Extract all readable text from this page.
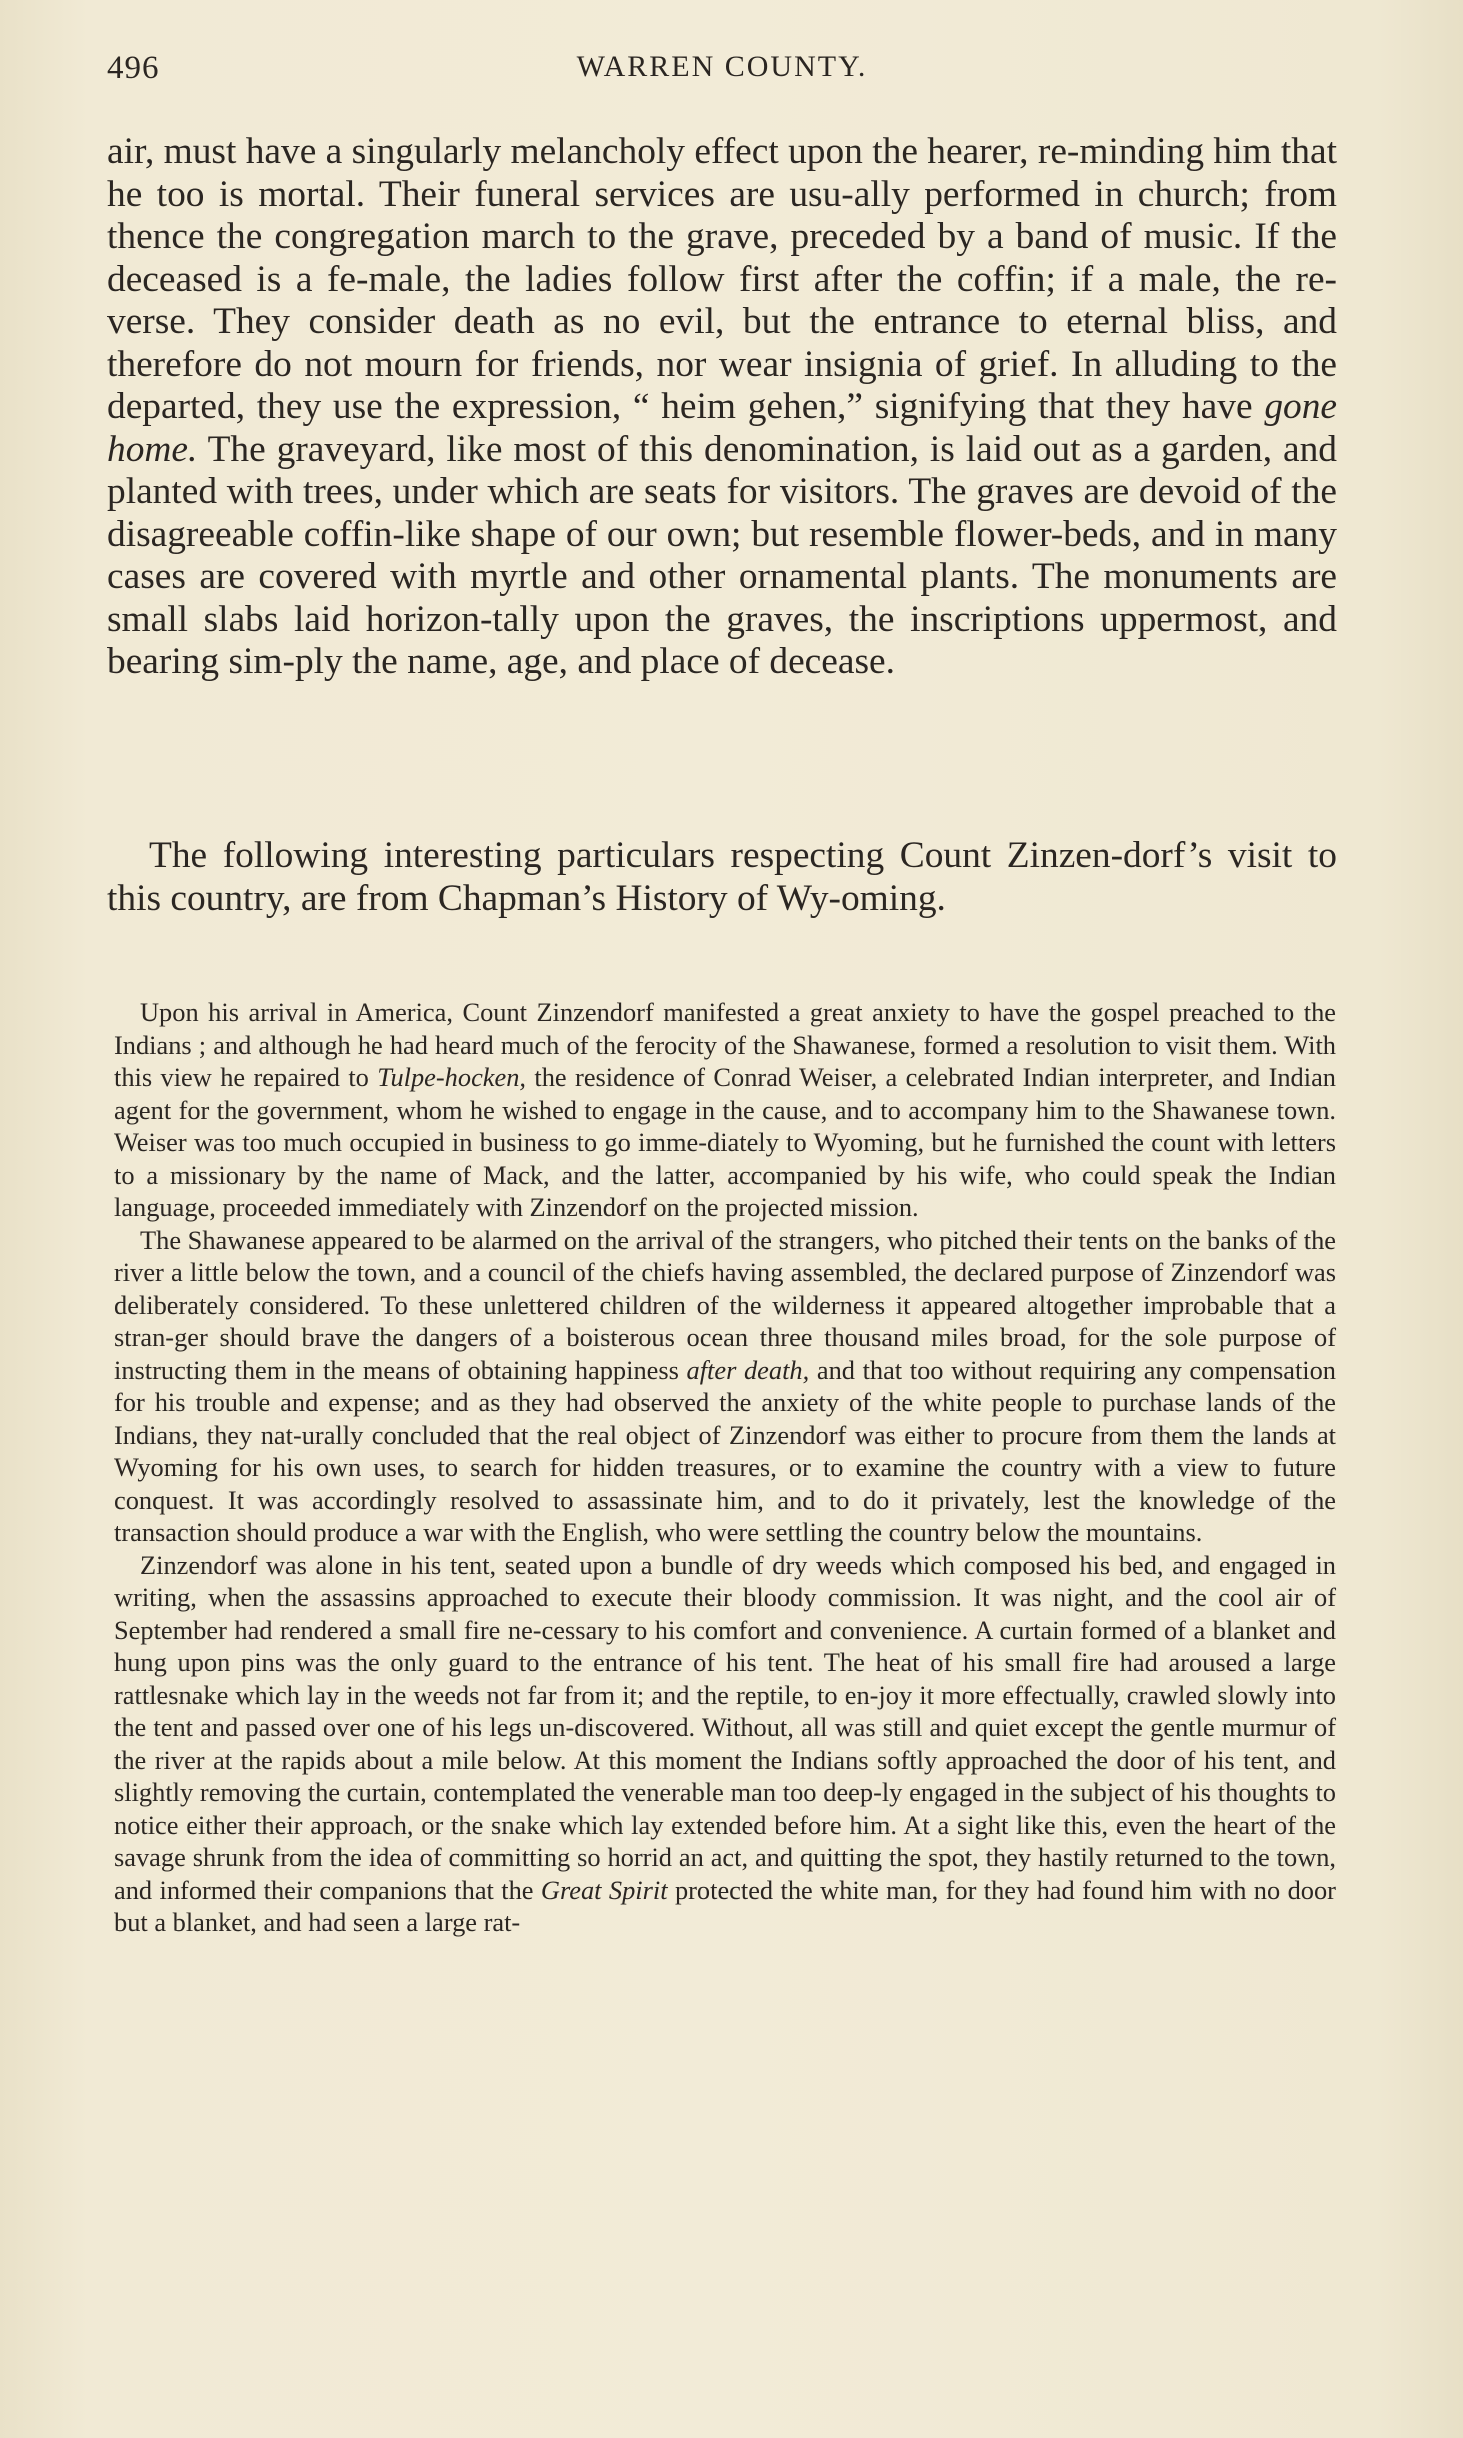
496	WARREN COUNTY.

air, must have a singularly melancholy effect upon the hearer, re-minding him that he too is mortal. Their funeral services are usu-ally performed in church; from thence the congregation march to the grave, preceded by a band of music. If the deceased is a fe-male, the ladies follow first after the coffin; if a male, the re-verse. They consider death as no evil, but the entrance to eternal bliss, and therefore do not mourn for friends, nor wear insignia of grief. In alluding to the departed, they use the expression, “ heim gehen,” signifying that they have gone home. The graveyard, like most of this denomination, is laid out as a garden, and planted with trees, under which are seats for visitors. The graves are devoid of the disagreeable coffin-like shape of our own; but resemble flower-beds, and in many cases are covered with myrtle and other ornamental plants. The monuments are small slabs laid horizon-tally upon the graves, the inscriptions uppermost, and bearing sim-ply the name, age, and place of decease.

The following interesting particulars respecting Count Zinzen-dorf’s visit to this country, are from Chapman’s History of Wy-oming.

Upon his arrival in America, Count Zinzendorf manifested a great anxiety to have the gospel preached to the Indians ; and although he had heard much of the ferocity of the Shawanese, formed a resolution to visit them. With this view he repaired to Tulpe-hocken, the residence of Conrad Weiser, a celebrated Indian interpreter, and Indian agent for the government, whom he wished to engage in the cause, and to accompany him to the Shawanese town. Weiser was too much occupied in business to go imme-diately to Wyoming, but he furnished the count with letters to a missionary by the name of Mack, and the latter, accompanied by his wife, who could speak the Indian language, proceeded immediately with Zinzendorf on the projected mission.

The Shawanese appeared to be alarmed on the arrival of the strangers, who pitched their tents on the banks of the river a little below the town, and a council of the chiefs having assembled, the declared purpose of Zinzendorf was deliberately considered. To these unlettered children of the wilderness it appeared altogether improbable that a stran-ger should brave the dangers of a boisterous ocean three thousand miles broad, for the sole purpose of instructing them in the means of obtaining happiness after death, and that too without requiring any compensation for his trouble and expense; and as they had observed the anxiety of the white people to purchase lands of the Indians, they nat-urally concluded that the real object of Zinzendorf was either to procure from them the lands at Wyoming for his own uses, to search for hidden treasures, or to examine the country with a view to future conquest. It was accordingly resolved to assassinate him, and to do it privately, lest the knowledge of the transaction should produce a war with the English, who were settling the country below the mountains.

Zinzendorf was alone in his tent, seated upon a bundle of dry weeds which composed his bed, and engaged in writing, when the assassins approached to execute their bloody commission. It was night, and the cool air of September had rendered a small fire ne-cessary to his comfort and convenience. A curtain formed of a blanket and hung upon pins was the only guard to the entrance of his tent. The heat of his small fire had aroused a large rattlesnake which lay in the weeds not far from it; and the reptile, to en-joy it more effectually, crawled slowly into the tent and passed over one of his legs un-discovered. Without, all was still and quiet except the gentle murmur of the river at the rapids about a mile below. At this moment the Indians softly approached the door of his tent, and slightly removing the curtain, contemplated the venerable man too deep-ly engaged in the subject of his thoughts to notice either their approach, or the snake which lay extended before him. At a sight like this, even the heart of the savage shrunk from the idea of committing so horrid an act, and quitting the spot, they hastily returned to the town, and informed their companions that the Great Spirit protected the white man, for they had found him with no door but a blanket, and had seen a large rat-
